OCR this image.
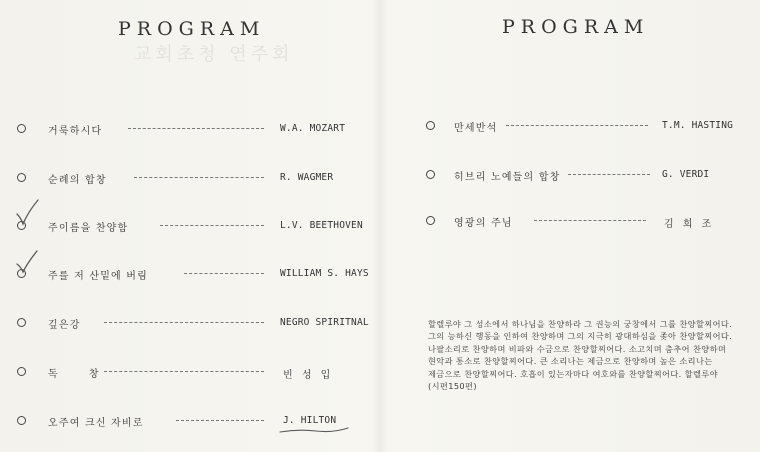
PROGRAM
교회초청 연주회
거룩하시다	W.A. MOZART
순례의 합창	R. WAGMER
주이름을 찬양함	L.V. BEETHOVEN
주를 저 산밑에 버림	WILLIAM S. HAYS
깊은강	NEGRO SPIRITNAL
독 창	빈 성 입
오주여 크신 자비로	J. HILTON
PROGRAM
만세반석	T.M. HASTING
히브리 노예들의 합창	G. VERDI
영광의 주님	김 희 조
할렐루야 그 성소에서 하나님을 찬양하라 그 권능의 궁창에서 그를 찬양할찌어다. 그의 능하신 행동을 인하여 찬양하며 그의 지극히 광대하심을 좇아 찬양할찌어다. 나팔소리로 찬양하며 비파와 수금으로 찬양할찌어다. 소고치며 춤추어 찬양하며 현악과 통소로 찬양할찌어다. 큰 소리나는 제금으로 찬양하며 높은 소리나는 제금으로 찬양할찌어다. 호흡이 있는자마다 여호와를 찬양할찌어다. 할렐루야(시편150편)
